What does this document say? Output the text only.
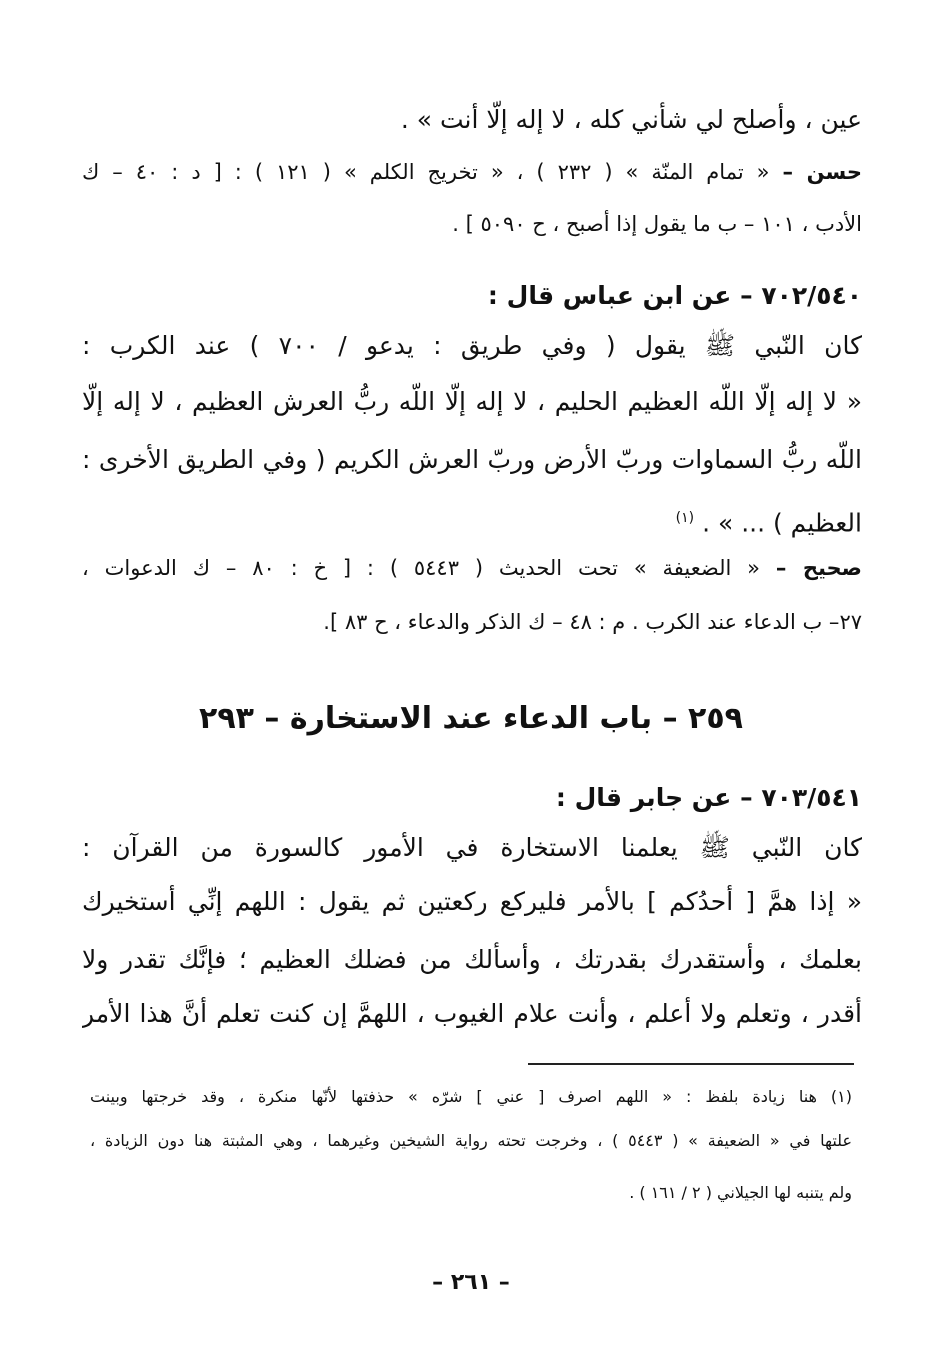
عين ، وأصلح لي شأني كله ، لا إله إلّا أنت » .
حسن – « تمام المنّة » ( ٢٣٢ ) ، « تخريج الكلم » ( ١٢١ ) : [ د : ٤٠ – ك
الأدب ، ١٠١ – ب ما يقول إذا أصبح ، ح ٥٠٩٠ ] .
٧٠٢/٥٤٠ – عن ابن عباس قال :
كان النّبي ﷺ يقول ( وفي طريق : يدعو / ٧٠٠ ) عند الكرب :
« لا إله إلّا اللّه العظيم الحليم ، لا إله إلّا اللّه ربُّ العرش العظيم ، لا إله إلّا
اللّه ربُّ السماوات وربّ الأرض وربّ العرش الكريم ( وفي الطريق الأخرى :
العظيم ) ... » . $^{(١)}$
صحيح – « الضعيفة » تحت الحديث ( ٥٤٤٣ ) : [ خ : ٨٠ – ك الدعوات ،
٢٧– ب الدعاء عند الكرب . م : ٤٨ – ك الذكر والدعاء ، ح ٨٣ ].
٢٥٩ – باب الدعاء عند الاستخارة – ٢٩٣
٧٠٣/٥٤١ – عن جابر قال :
كان النّبي ﷺ يعلمنا الاستخارة في الأمور كالسورة من القرآن :
« إذا همَّ [ أحدُكم ] بالأمر فليركع ركعتين ثم يقول : اللهم إنِّي أستخيرك
بعلمك ، وأستقدرك بقدرتك ، وأسألك من فضلك العظيم ؛ فإنَّك تقدر ولا
أقدر ، وتعلم ولا أعلم ، وأنت علام الغيوب ، اللهمَّ إن كنت تعلم أنَّ هذا الأمر
(١) هنا زيادة بلفظ : « اللهم اصرف [ عني ] شرّه » حذفتها لأنّها منكرة ، وقد خرجتها وبينت
علتها في « الضعيفة » ( ٥٤٤٣ ) ، وخرجت تحته رواية الشيخين وغيرهما ، وهي المثبتة هنا دون الزيادة ،
ولم يتنبه لها الجيلاني ( ٢ / ١٦١ ) .
– ٢٦١ –
